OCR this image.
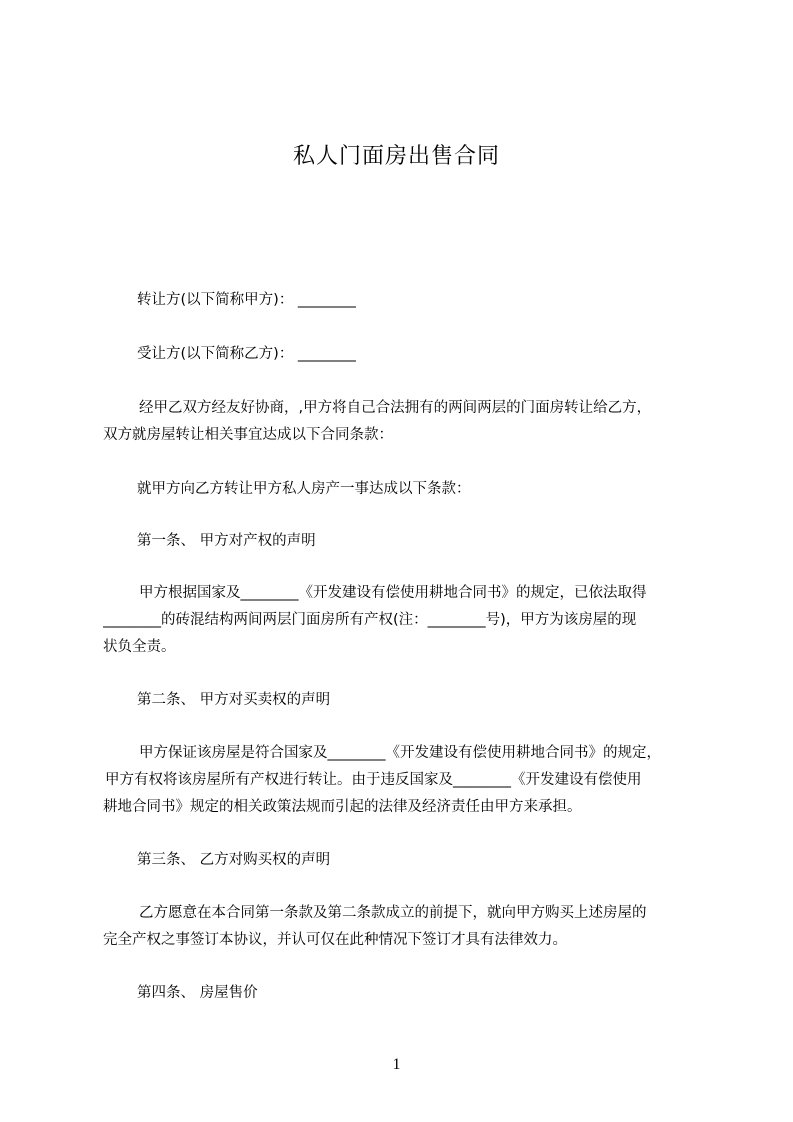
私人门面房出售合同
转让方(以下简称甲方)： ________
受让方(以下简称乙方)： ________
经甲乙双方经友好协商，,甲方将自己合法拥有的两间两层的门面房转让给乙方，
双方就房屋转让相关事宜达成以下合同条款：
就甲方向乙方转让甲方私人房产一事达成以下条款：
第一条、 甲方对产权的声明
甲方根据国家及________《开发建设有偿使用耕地合同书》的规定，已依法取得
________的砖混结构两间两层门面房所有产权(注：________号)，甲方为该房屋的现
状负全责。
第二条、 甲方对买卖权的声明
甲方保证该房屋是符合国家及________《开发建设有偿使用耕地合同书》的规定，
甲方有权将该房屋所有产权进行转让。由于违反国家及________《开发建设有偿使用
耕地合同书》规定的相关政策法规而引起的法律及经济责任由甲方来承担。
第三条、 乙方对购买权的声明
乙方愿意在本合同第一条款及第二条款成立的前提下，就向甲方购买上述房屋的
完全产权之事签订本协议，并认可仅在此种情况下签订才具有法律效力。
第四条、 房屋售价
1
